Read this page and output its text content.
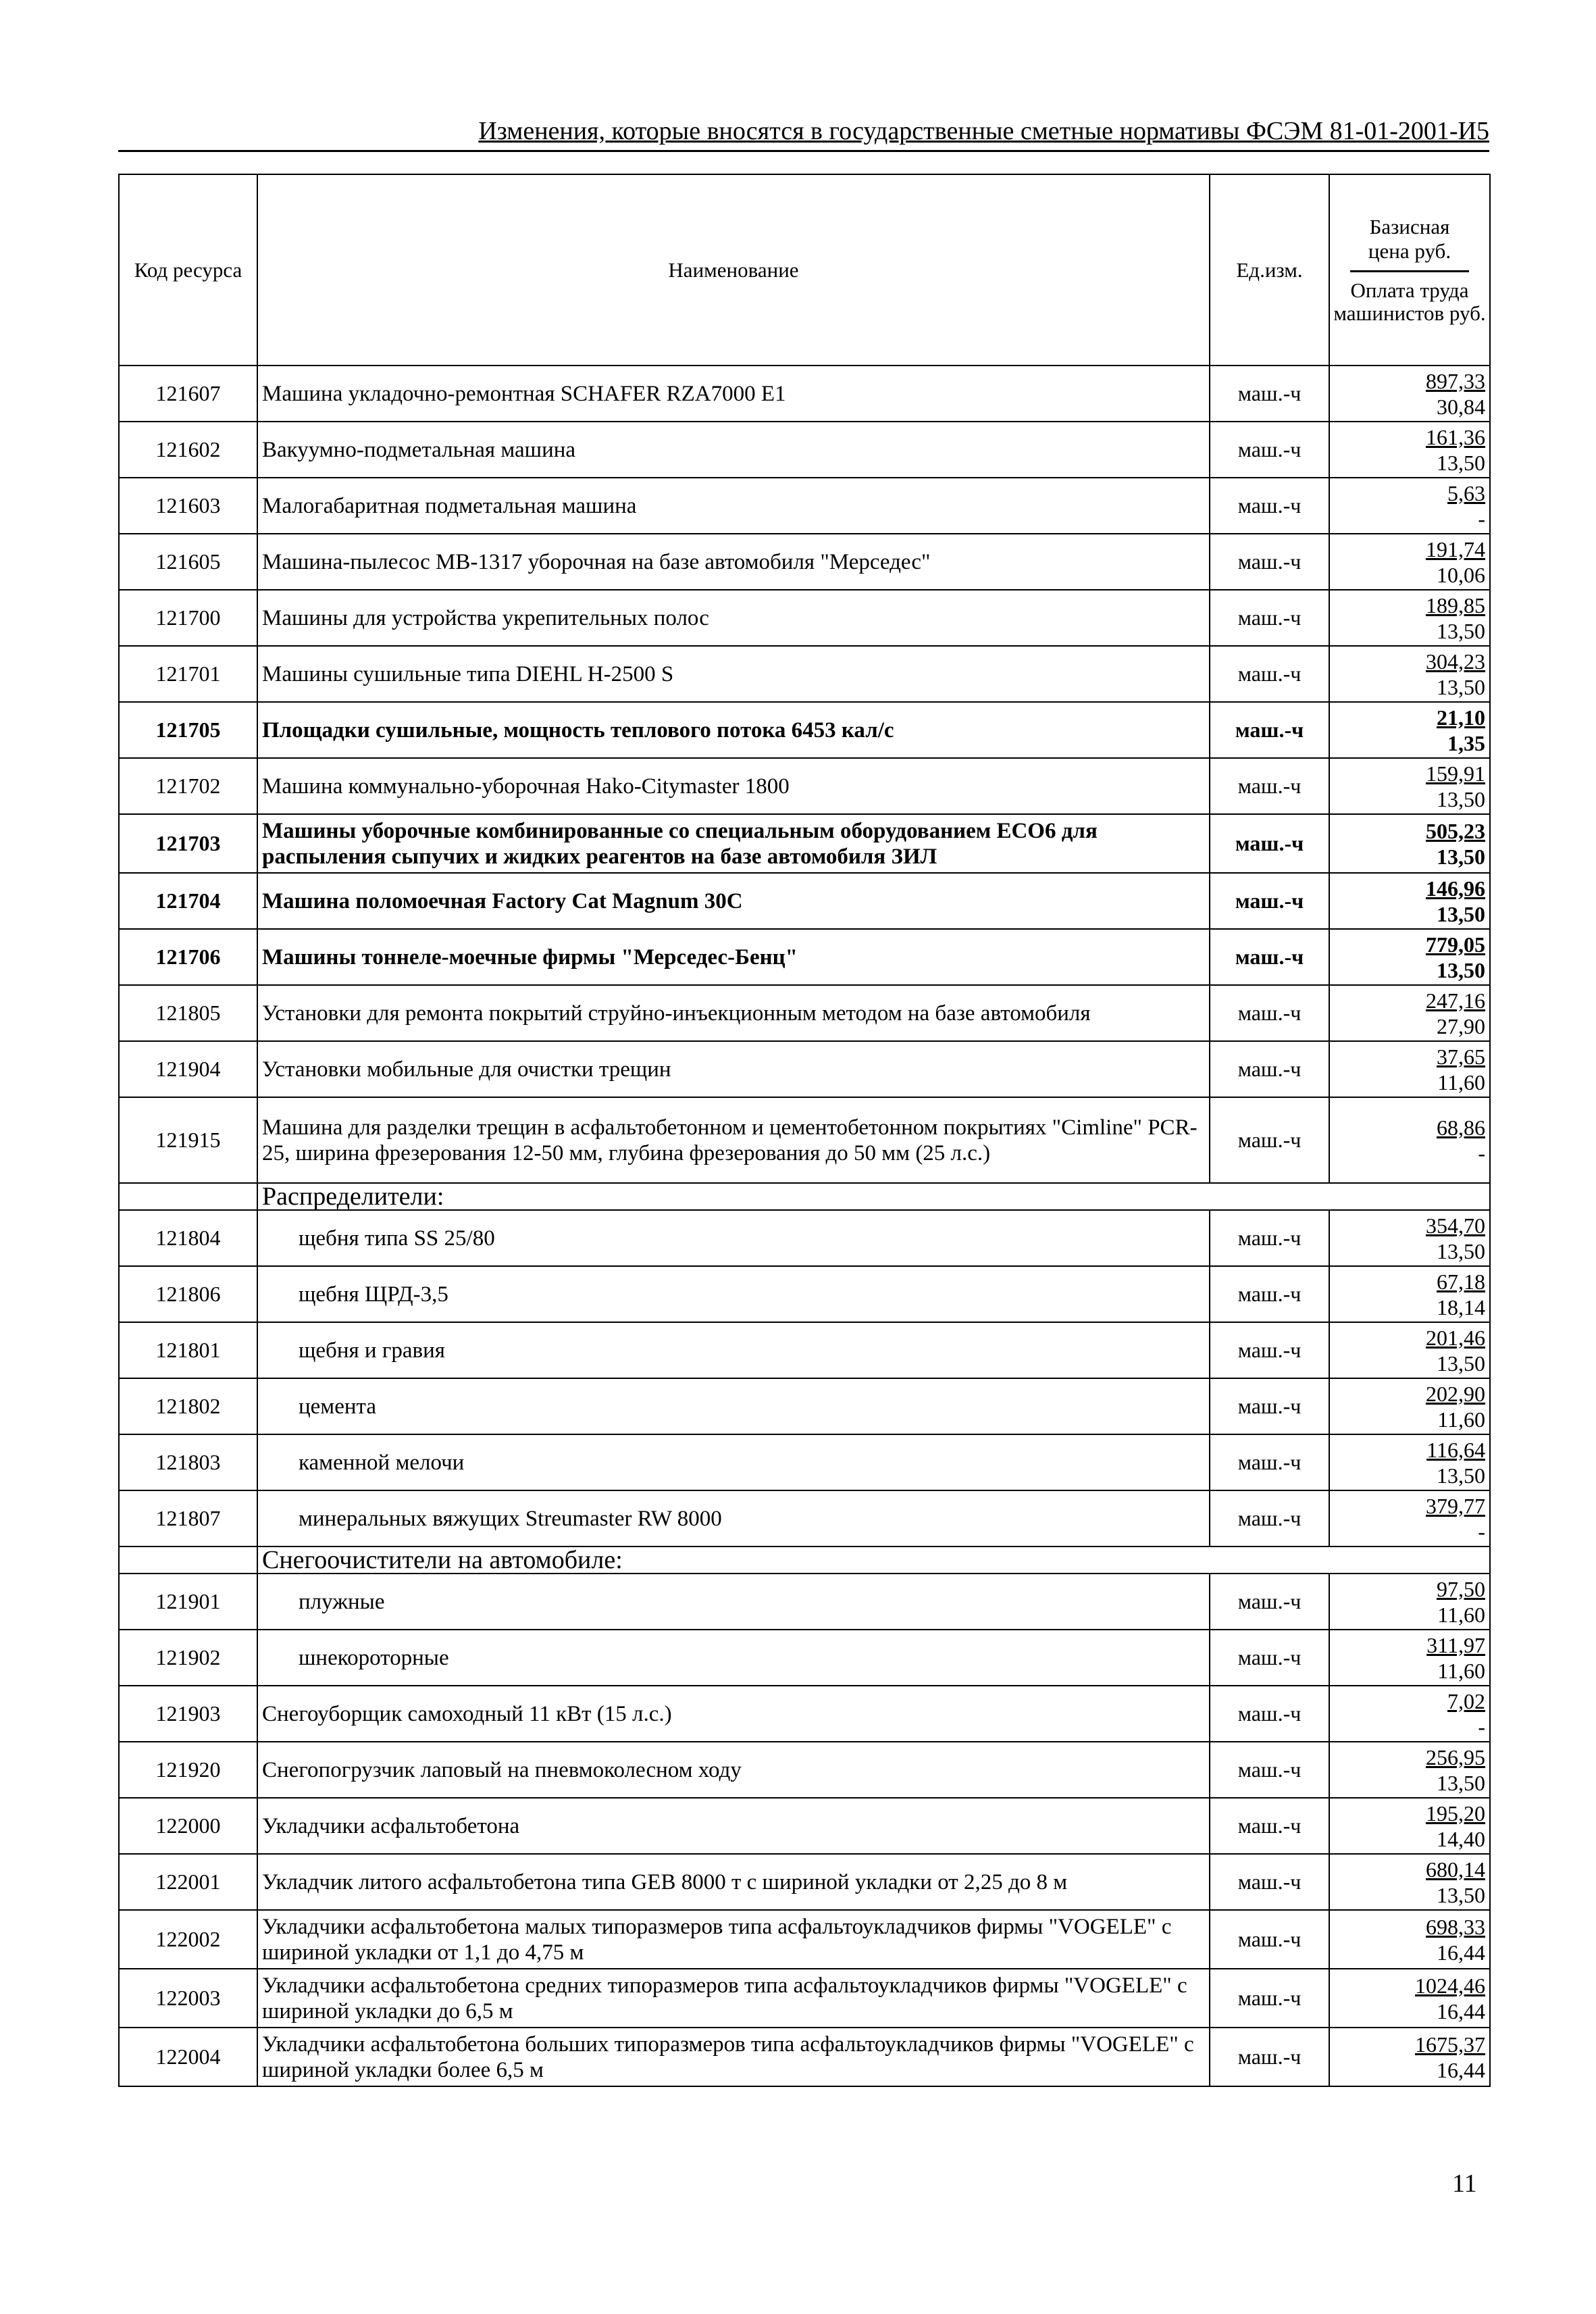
Изменения, которые вносятся в государственные сметные нормативы ФСЭМ 81-01-2001-И5
Код ресурса	Наименование	Ед.изм.	Базисная цена руб.
Оплата труда машинистов руб.

121607	Машина укладочно-ремонтная SCHAFER RZA7000 E1	маш.-ч	897,33
30,84

121602	Вакуумно-подметальная машина	маш.-ч	161,36
13,50

121603	Малогабаритная подметальная машина	маш.-ч	5,63
-

121605	Машина-пылесос МВ-1317 уборочная на базе автомобиля "Мерседес"	маш.-ч	191,74
10,06

121700	Машины для устройства укрепительных полос	маш.-ч	189,85
13,50

121701	Машины сушильные типа DIEHL H-2500 S	маш.-ч	304,23
13,50

121705	Площадки сушильные, мощность теплового потока 6453 кал/с	маш.-ч	21,10
1,35

121702	Машина коммунально-уборочная Hako-Citymaster 1800	маш.-ч	159,91
13,50

121703	Машины уборочные комбинированные со специальным оборудованием ЕСО6 для распыления сыпучих и жидких реагентов на базе автомобиля ЗИЛ	маш.-ч	505,23
13,50

121704	Машина поломоечная Factory Cat Magnum 30C	маш.-ч	146,96
13,50

121706	Машины тоннеле-моечные фирмы "Мерседес-Бенц"	маш.-ч	779,05
13,50

121805	Установки для ремонта покрытий струйно-инъекционным методом на базе автомобиля	маш.-ч	247,16
27,90

121904	Установки мобильные для очистки трещин	маш.-ч	37,65
11,60

121915	Машина для разделки трещин в асфальтобетонном и цементобетонном покрытиях "Cimline" PCR-25, ширина фрезерования 12-50 мм, глубина фрезерования до 50 мм (25 л.с.)	маш.-ч	68,86
-

	Распределители:		
121804	щебня типа SS 25/80	маш.-ч	354,70
13,50

121806	щебня ЩРД-3,5	маш.-ч	67,18
18,14

121801	щебня и гравия	маш.-ч	201,46
13,50

121802	цемента	маш.-ч	202,90
11,60

121803	каменной мелочи	маш.-ч	116,64
13,50

121807	минеральных вяжущих Streumaster RW 8000	маш.-ч	379,77
-

	Снегоочистители на автомобиле:		
121901	плужные	маш.-ч	97,50
11,60

121902	шнекороторные	маш.-ч	311,97
11,60

121903	Снегоуборщик самоходный 11 кВт (15 л.с.)	маш.-ч	7,02
-

121920	Снегопогрузчик лаповый на пневмоколесном ходу	маш.-ч	256,95
13,50

122000	Укладчики асфальтобетона	маш.-ч	195,20
14,40

122001	Укладчик литого асфальтобетона типа GEB 8000 т с шириной укладки от 2,25 до 8 м	маш.-ч	680,14
13,50

122002	Укладчики асфальтобетона малых типоразмеров типа асфальтоукладчиков фирмы "VOGELE" с шириной укладки от 1,1 до 4,75 м	маш.-ч	698,33
16,44

122003	Укладчики асфальтобетона средних типоразмеров типа асфальтоукладчиков фирмы "VOGELE" с шириной укладки до 6,5 м	маш.-ч	1024,46
16,44

122004	Укладчики асфальтобетона больших типоразмеров типа асфальтоукладчиков фирмы "VOGELE" с шириной укладки более 6,5 м	маш.-ч	1675,37
16,44
11
